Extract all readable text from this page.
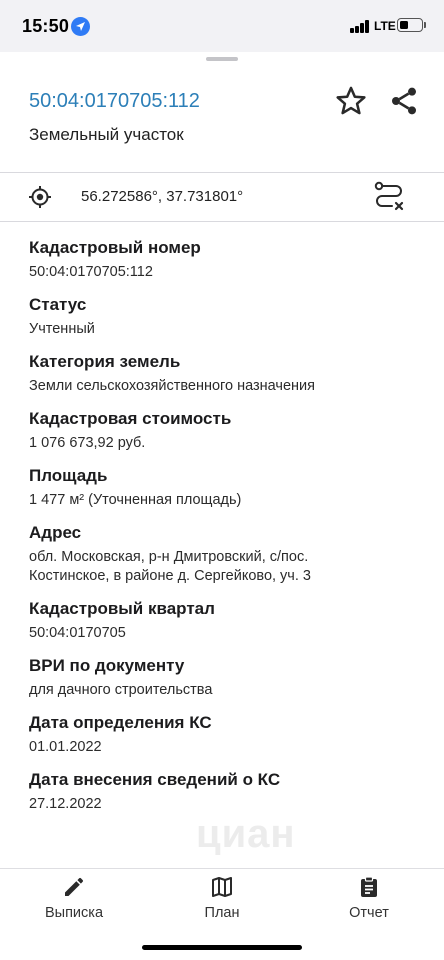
15:50	LTE
50:04:0170705:112
Земельный участок
56.272586°, 37.731801°
Кадастровый номер
50:04:0170705:112
Статус
Учтенный
Категория земель
Земли сельскохозяйственного назначения
Кадастровая стоимость
1 076 673,92 руб.
Площадь
1 477 м² (Уточненная площадь)
Адрес
обл. Московская, р-н Дмитровский, с/пос. Костинское, в районе д. Сергейково, уч. 3
Кадастровый квартал
50:04:0170705
ВРИ по документу
для дачного строительства
Дата определения КС
01.01.2022
Дата внесения сведений о КС
27.12.2022
циан
Выписка	План	Отчет
